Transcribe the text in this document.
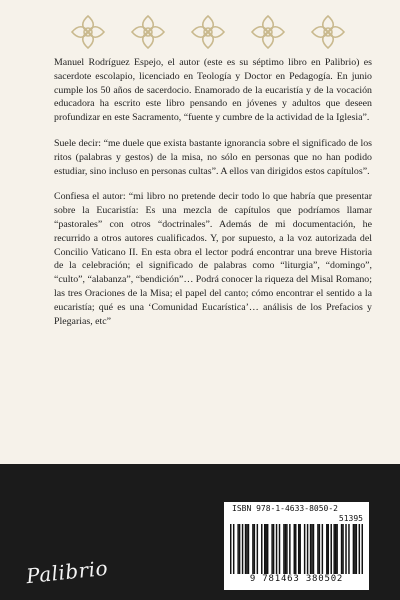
Manuel Rodríguez Espejo, el autor (este es su séptimo libro en Palibrio) es sacerdote escolapio, licenciado en Teología y Doctor en Pedagogía. En junio cumple los 50 años de sacerdocio. Enamorado de la eucaristía y de la vocación educadora ha escrito este libro pensando en jóvenes y adultos que deseen profundizar en este Sacramento, “fuente y cumbre de la actividad de la Iglesia”.

Suele decir: “me duele que exista bastante ignorancia sobre el significado de los ritos (palabras y gestos) de la misa, no sólo en personas que no han podido estudiar, sino incluso en personas cultas”. A ellos van dirigidos estos capítulos”.

Confiesa el autor: “mi libro no pretende decir todo lo que habría que presentar sobre la Eucaristía: Es una mezcla de capítulos que podríamos llamar “pastorales” con otros “doctrinales”. Además de mi documentación, he recurrido a otros autores cualificados. Y, por supuesto, a la voz autorizada del Concilio Vaticano II. En esta obra el lector podrá encontrar una breve Historia de la celebración; el significado de palabras como “liturgia”, “domingo”, “culto”, “alabanza”, “bendición”… Podrá conocer la riqueza del Misal Romano; las tres Oraciones de la Misa; el papel del canto; cómo encontrar el sentido a la eucaristía; qué es una ‘Comunidad Eucarística’… análisis de los Prefacios y Plegarias, etc”

Palibrio
ISBN 978-1-4633-8050-2
51395
9 781463 380502
